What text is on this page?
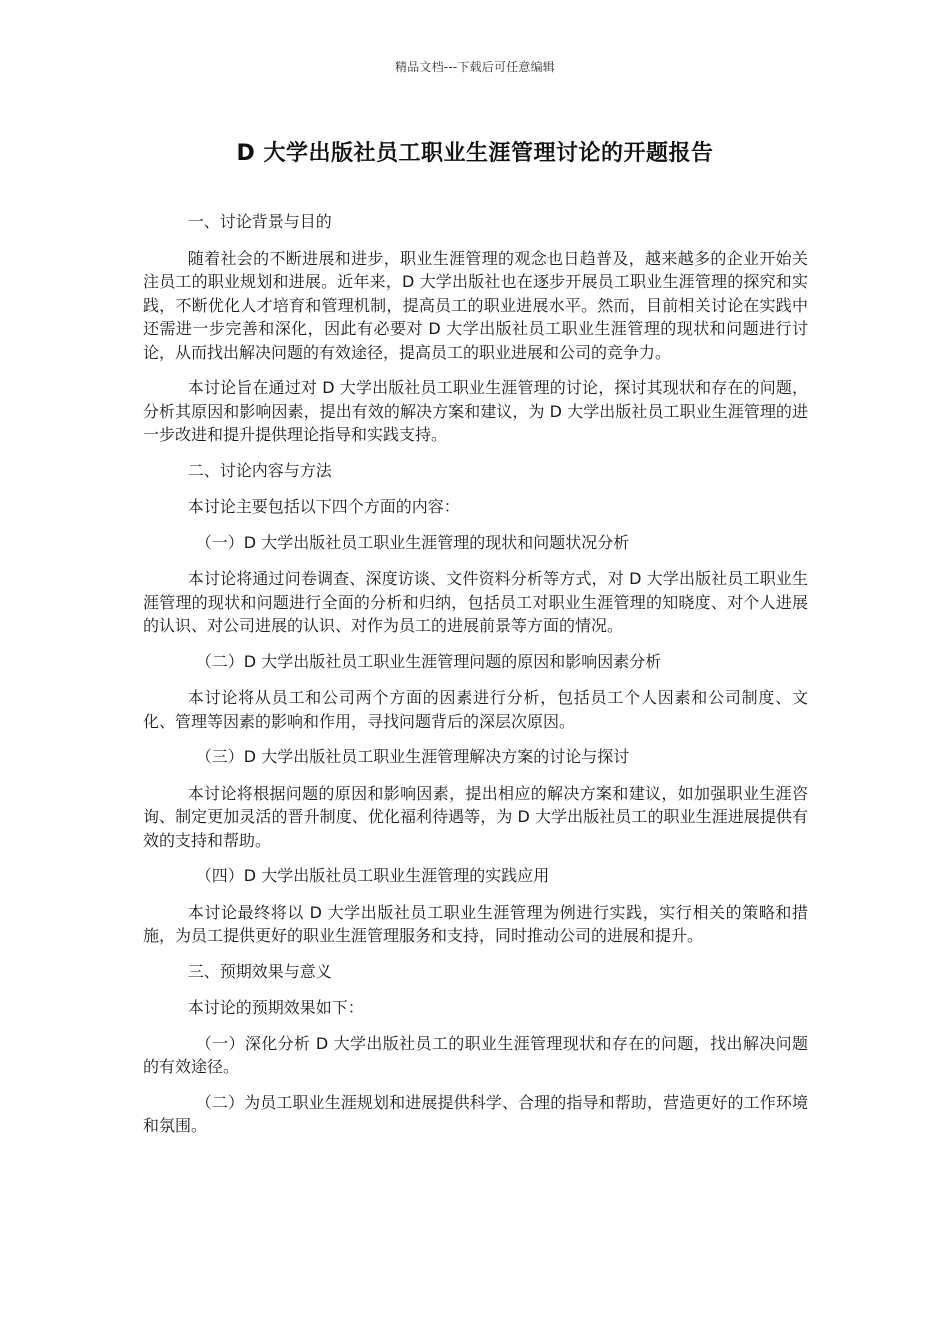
精品文档---下载后可任意编辑
D 大学出版社员工职业生涯管理讨论的开题报告

一、讨论背景与目的

随着社会的不断进展和进步，职业生涯管理的观念也日趋普及，越来越多的企业开始关注员工的职业规划和进展。近年来，D 大学出版社也在逐步开展员工职业生涯管理的探究和实践，不断优化人才培育和管理机制，提高员工的职业进展水平。然而，目前相关讨论在实践中还需进一步完善和深化，因此有必要对 D 大学出版社员工职业生涯管理的现状和问题进行讨论，从而找出解决问题的有效途径，提高员工的职业进展和公司的竞争力。

本讨论旨在通过对 D 大学出版社员工职业生涯管理的讨论，探讨其现状和存在的问题，分析其原因和影响因素，提出有效的解决方案和建议，为 D 大学出版社员工职业生涯管理的进一步改进和提升提供理论指导和实践支持。

二、讨论内容与方法

本讨论主要包括以下四个方面的内容：

（一）D 大学出版社员工职业生涯管理的现状和问题状况分析

本讨论将通过问卷调查、深度访谈、文件资料分析等方式，对 D 大学出版社员工职业生涯管理的现状和问题进行全面的分析和归纳，包括员工对职业生涯管理的知晓度、对个人进展的认识、对公司进展的认识、对作为员工的进展前景等方面的情况。

（二）D 大学出版社员工职业生涯管理问题的原因和影响因素分析

本讨论将从员工和公司两个方面的因素进行分析，包括员工个人因素和公司制度、文化、管理等因素的影响和作用，寻找问题背后的深层次原因。

（三）D 大学出版社员工职业生涯管理解决方案的讨论与探讨

本讨论将根据问题的原因和影响因素，提出相应的解决方案和建议，如加强职业生涯咨询、制定更加灵活的晋升制度、优化福利待遇等，为 D 大学出版社员工的职业生涯进展提供有效的支持和帮助。

（四）D 大学出版社员工职业生涯管理的实践应用

本讨论最终将以 D 大学出版社员工职业生涯管理为例进行实践，实行相关的策略和措施，为员工提供更好的职业生涯管理服务和支持，同时推动公司的进展和提升。

三、预期效果与意义

本讨论的预期效果如下：

（一）深化分析 D 大学出版社员工的职业生涯管理现状和存在的问题，找出解决问题的有效途径。

（二）为员工职业生涯规划和进展提供科学、合理的指导和帮助，营造更好的工作环境和氛围。
